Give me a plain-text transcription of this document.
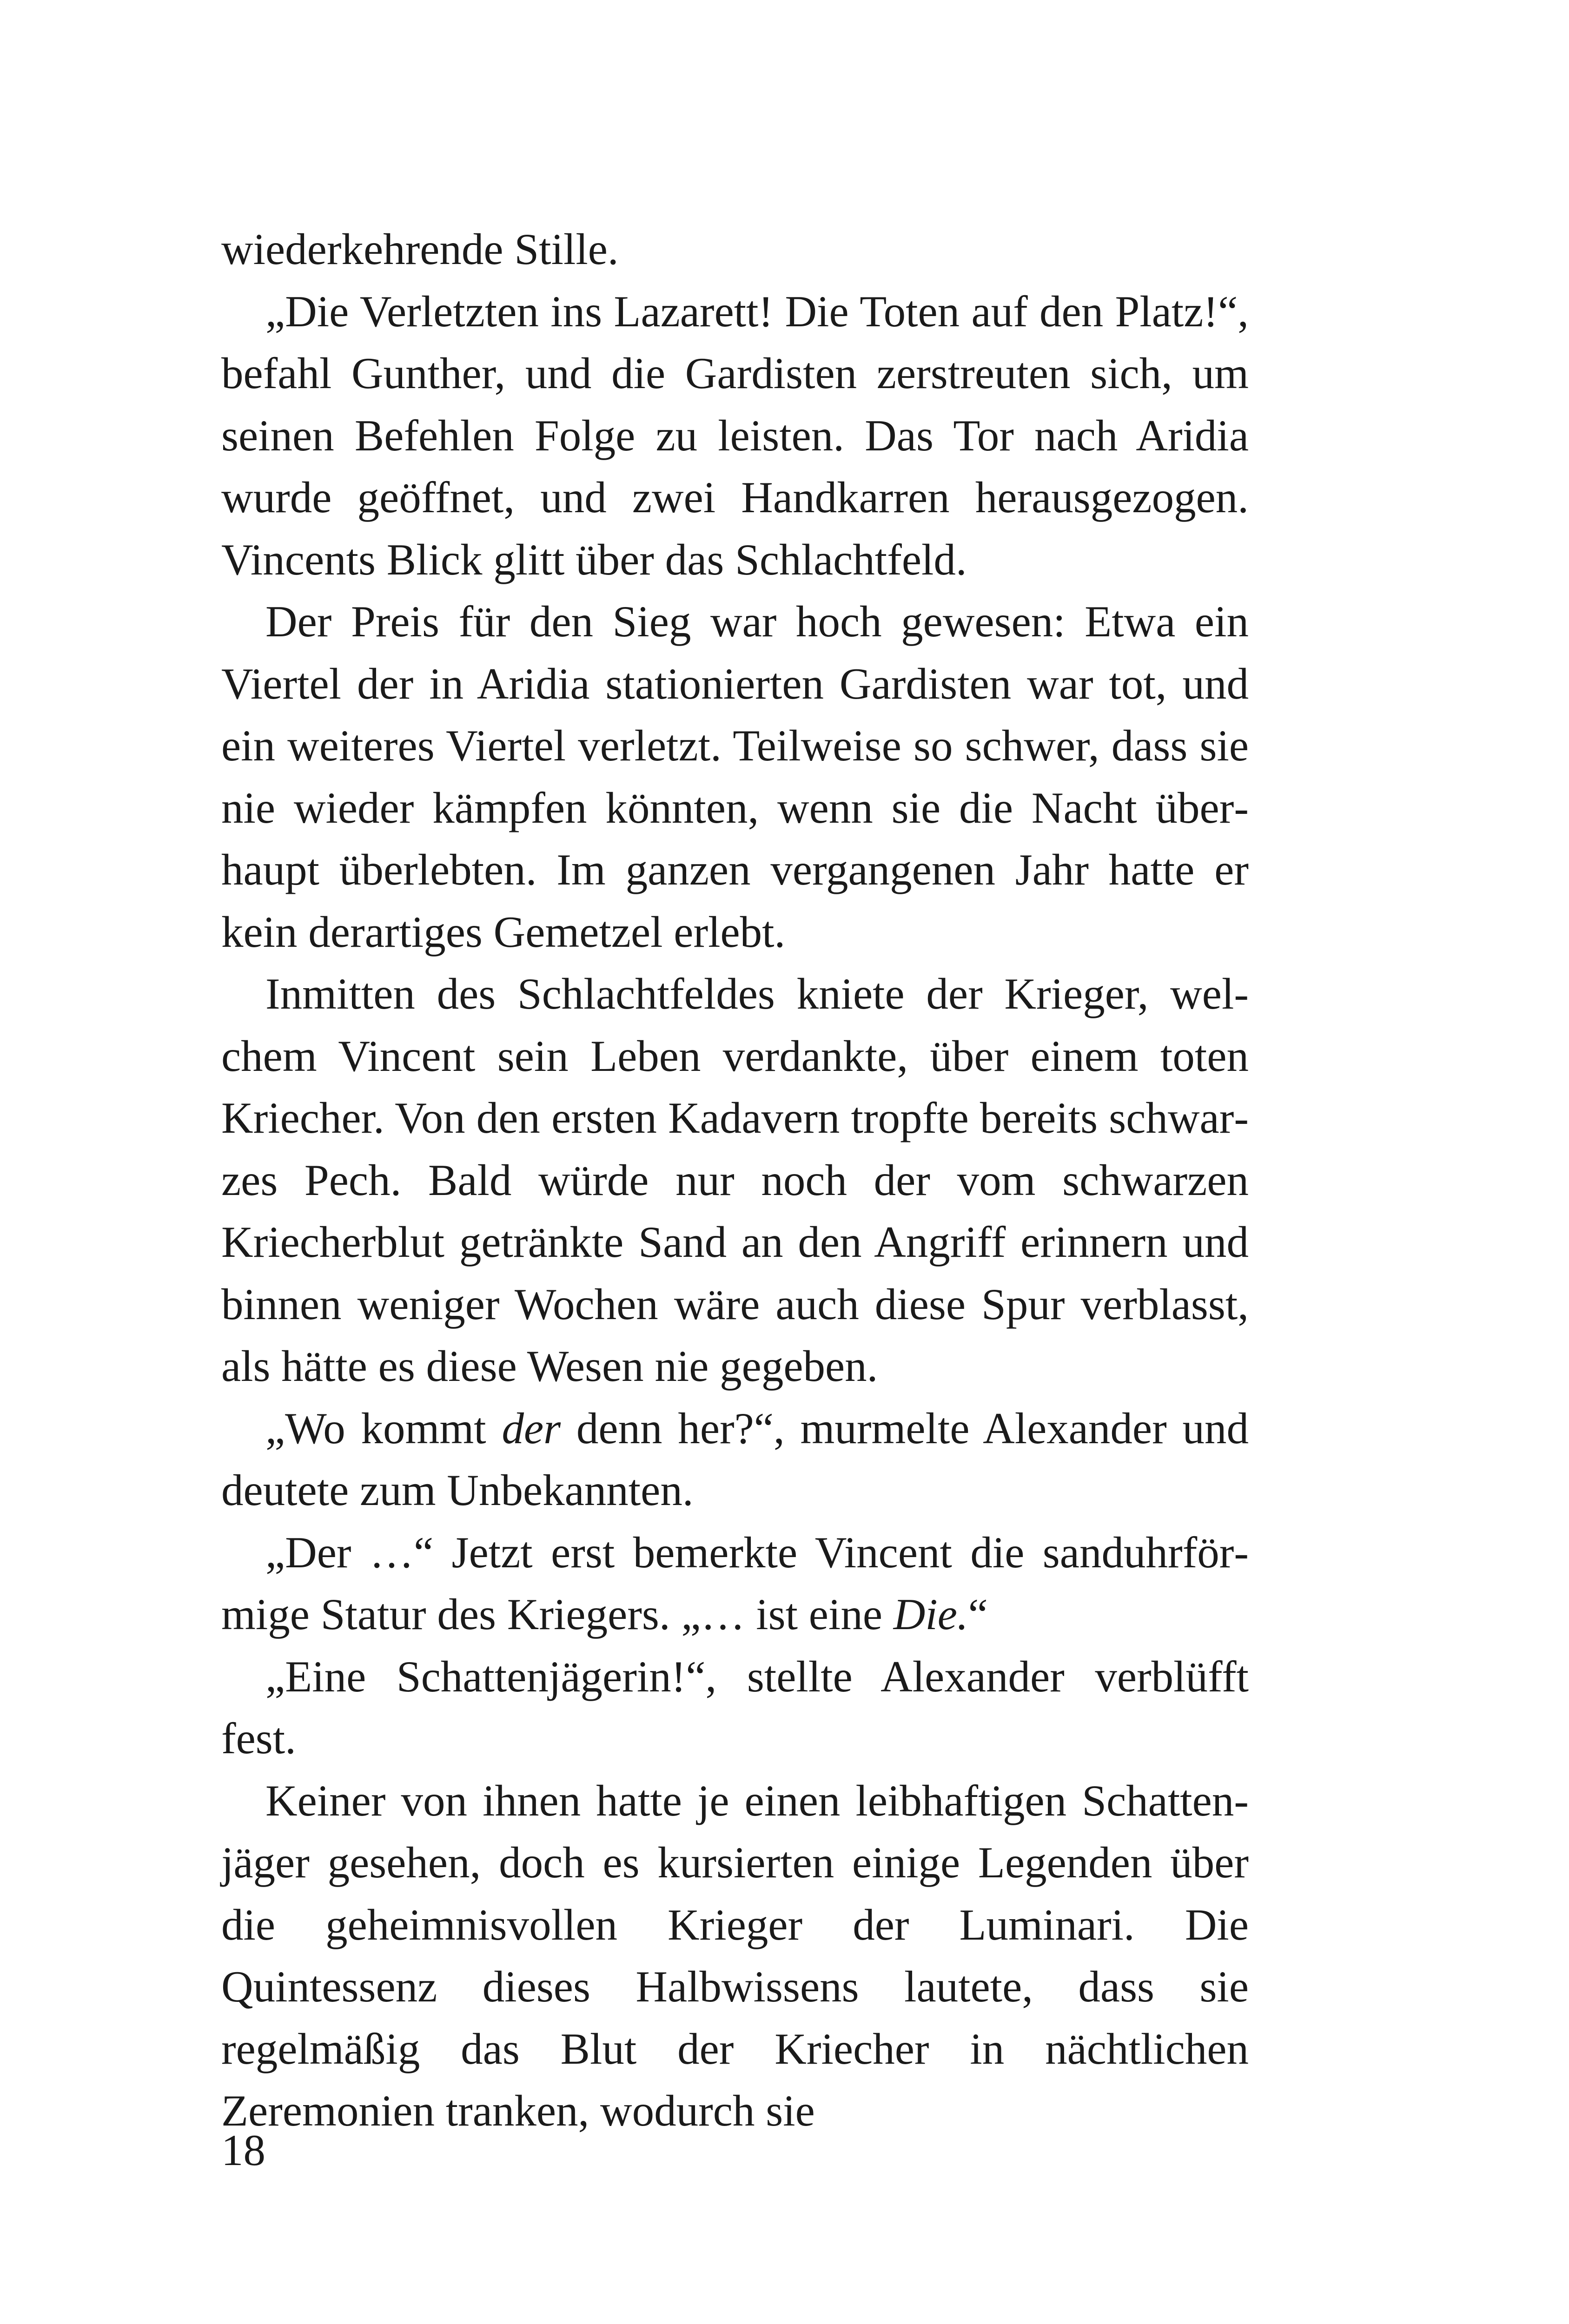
wiederkehrende Stille.

„Die Verletzten ins Lazarett! Die Toten auf den Platz!“, befahl Gunther, und die Gardisten zerstreuten sich, um seinen Befehlen Folge zu leisten. Das Tor nach Aridia wurde geöffnet, und zwei Handkarren herausgezogen. Vincents Blick glitt über das Schlachtfeld.

Der Preis für den Sieg war hoch gewesen: Etwa ein Viertel der in Aridia stationierten Gardisten war tot, und ein weiteres Viertel verletzt. Teilweise so schwer, dass sie nie wieder kämpfen könnten, wenn sie die Nacht überhaupt überlebten. Im ganzen vergangenen Jahr hatte er kein derartiges Gemetzel erlebt.

Inmitten des Schlachtfeldes kniete der Krieger, welchem Vincent sein Leben verdankte, über einem toten Kriecher. Von den ersten Kadavern tropfte bereits schwarzes Pech. Bald würde nur noch der vom schwarzen Kriecherblut getränkte Sand an den Angriff erinnern und binnen weniger Wochen wäre auch diese Spur verblasst, als hätte es diese Wesen nie gegeben.

„Wo kommt der denn her?“, murmelte Alexander und deutete zum Unbekannten.

„Der …“ Jetzt erst bemerkte Vincent die sanduhrförmige Statur des Kriegers. „… ist eine Die.“

„Eine Schattenjägerin!“, stellte Alexander verblüfft fest.

Keiner von ihnen hatte je einen leibhaftigen Schattenjäger gesehen, doch es kursierten einige Legenden über die geheimnisvollen Krieger der Luminari. Die Quintessenz dieses Halbwissens lautete, dass sie regelmäßig das Blut der Kriecher in nächtlichen Zeremonien tranken, wodurch sie

18
